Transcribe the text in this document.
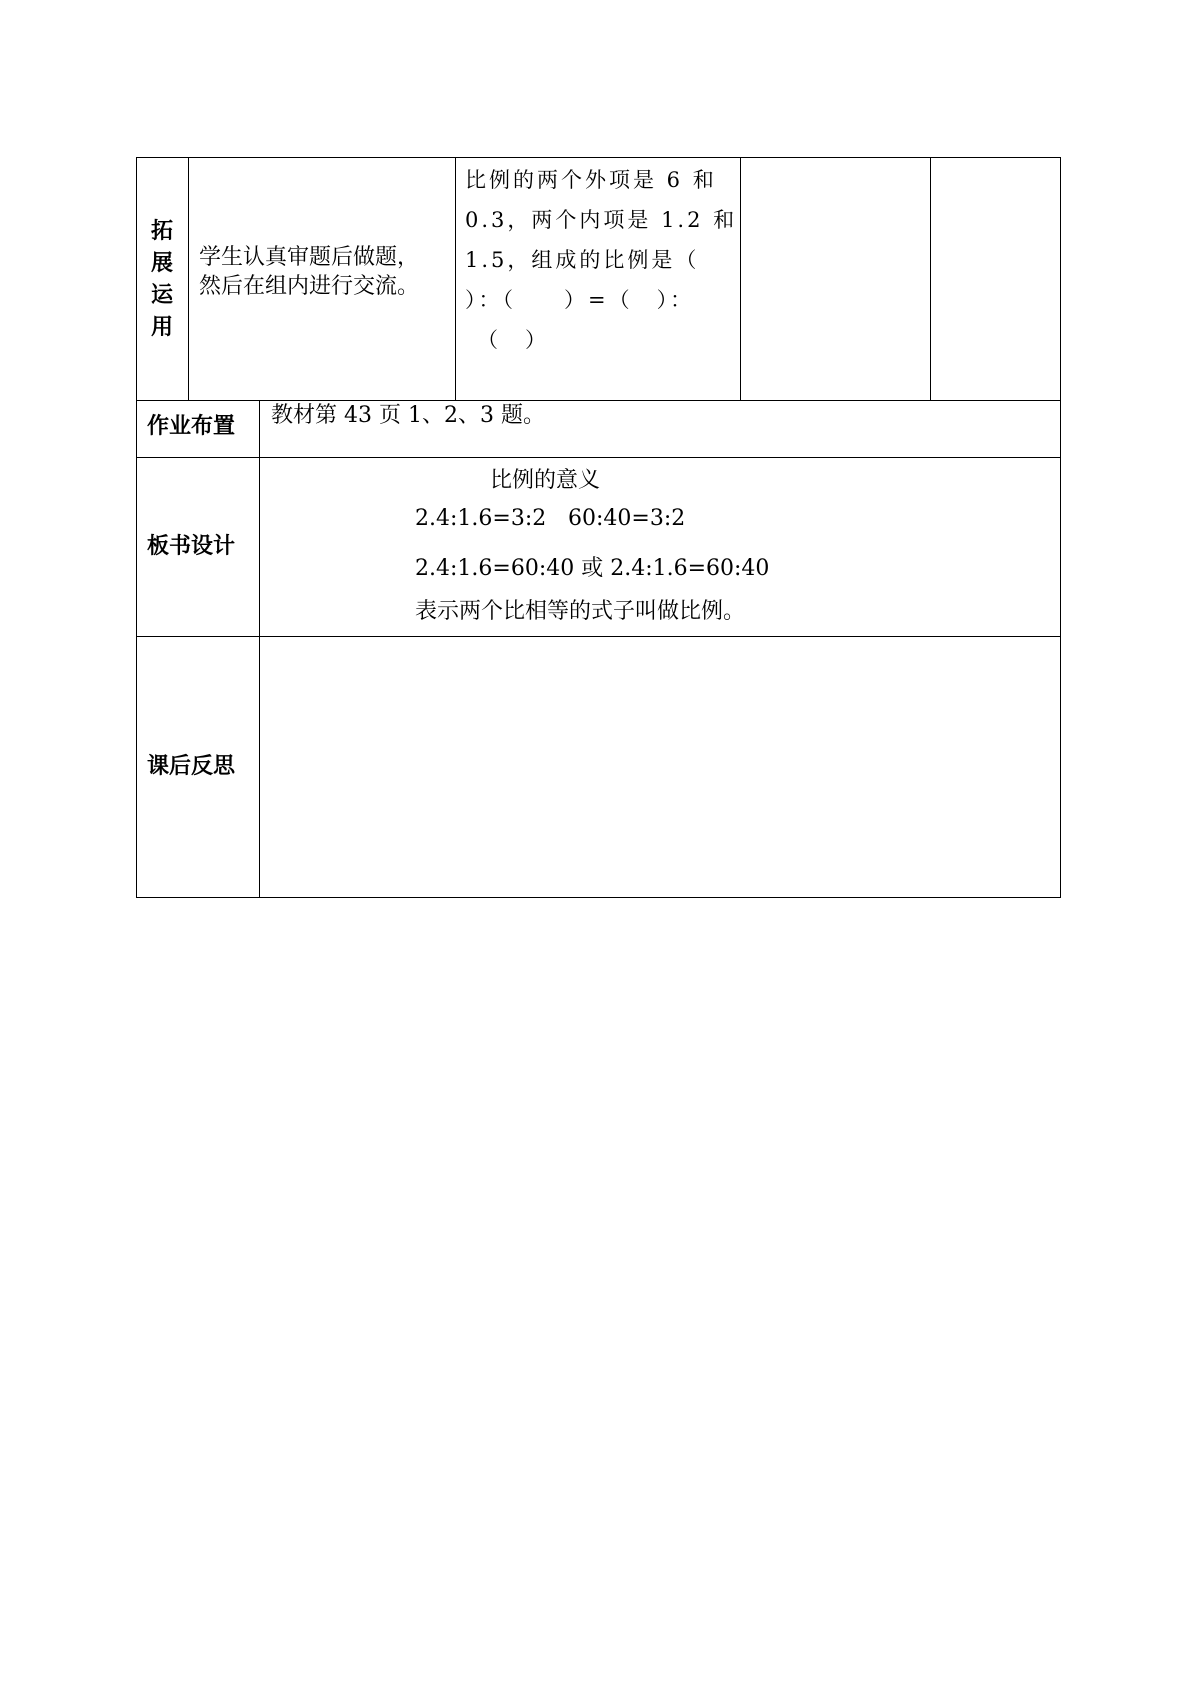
拓
展
运
用
学生认真审题后做题，
然后在组内进行交流。
比例的两个外项是 6 和
0.3，两个内项是 1.2 和
1.5，组成的比例是（
）：（　　）=（　）：
（　）
作业布置 教材第 43 页 1、2、3 题。
板书设计
比例的意义
2.4:1.6=3:2 60:40=3:2
2.4:1.6=60:40 或 2.4:1.6=60:40
表示两个比相等的式子叫做比例。
课后反思
